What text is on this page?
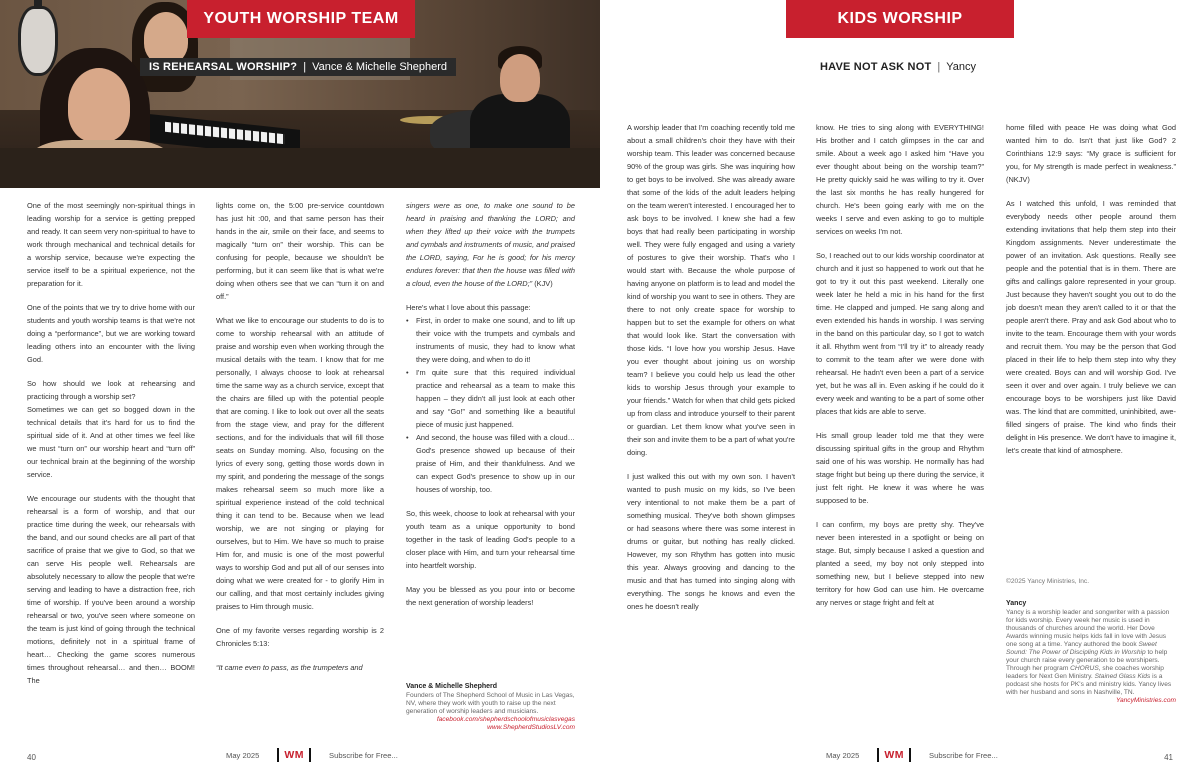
YOUTH WORSHIP TEAM
IS REHEARSAL WORSHIP? | Vance & Michelle Shepherd

One of the most seemingly non-spiritual things in leading worship for a service is getting prepped and ready. It can seem very non-spiritual to have to work through mechanical and technical details for a worship service, because we're expecting the service itself to be a spiritual experience, not the preparation for it.

One of the points that we try to drive home with our students and youth worship teams is that we're not doing a “performance”, but we are working toward leading others into an encounter with the living God.

So how should we look at rehearsing and practicing through a worship set?

Sometimes we can get so bogged down in the technical details that it's hard for us to find the spiritual side of it. And at other times we feel like we must “turn on” our worship heart and “turn off” our technical brain at the beginning of the worship service.

We encourage our students with the thought that rehearsal is a form of worship, and that our practice time during the week, our rehearsals with the band, and our sound checks are all part of that sacrifice of praise that we give to God, so that we can serve His people well. Rehearsals are absolutely necessary to allow the people that we're serving and leading to have a distraction free, rich time of worship. If you've been around a worship rehearsal or two, you've seen where someone on the team is just kind of going through the technical motions, definitely not in a spiritual frame of heart… Checking the game scores numerous times throughout rehearsal… and then… BOOM! The

lights come on, the 5:00 pre-service countdown has just hit :00, and that same person has their hands in the air, smile on their face, and seems to magically “turn on” their worship. This can be confusing for people, because we shouldn't be performing, but it can seem like that is what we're doing when others see that we can “turn it on and off.”

What we like to encourage our students to do is to come to worship rehearsal with an attitude of praise and worship even when working through the musical details with the team. I know that for me personally, I always choose to look at rehearsal time the same way as a church service, except that the chairs are filled up with the potential people that are coming. I like to look out over all the seats from the stage view, and pray for the different sections, and for the individuals that will fill those seats on Sunday morning. Also, focusing on the lyrics of every song, getting those words down in my spirit, and pondering the message of the songs makes rehearsal seem so much more like a spiritual experience instead of the cold technical thing it can tend to be. Because when we lead worship, we are not singing or playing for ourselves, but to Him. We have so much to praise Him for, and music is one of the most powerful ways to worship God and put all of our senses into doing what we were created for - to glorify Him in our calling, and that most certainly includes giving praises to Him through music.

One of my favorite verses regarding worship is 2 Chronicles 5:13:

“It came even to pass, as the trumpeters and

singers were as one, to make one sound to be heard in praising and thanking the LORD; and when they lifted up their voice with the trumpets and cymbals and instruments of music, and praised the LORD, saying, For he is good; for his mercy endures forever: that then the house was filled with a cloud, even the house of the LORD;” (KJV)

Here's what I love about this passage:

• First, in order to make one sound, and to lift up their voice with the trumpets and cymbals and instruments of music, they had to know what they were doing, and when to do it!
• I'm quite sure that this required individual practice and rehearsal as a team to make this happen – they didn't all just look at each other and say “Go!” and something like a beautiful piece of music just happened.
• And second, the house was filled with a cloud… God's presence showed up because of their praise of Him, and their thankfulness. And we can expect God's presence to show up in our houses of worship, too.

So, this week, choose to look at rehearsal with your youth team as a unique opportunity to bond together in the task of leading God's people to a closer place with Him, and turn your rehearsal time into heartfelt worship.

May you be blessed as you pour into or become the next generation of worship leaders!

Vance & Michelle Shepherd
Founders of The Shepherd School of Music in Las Vegas, NV, where they work with youth to raise up the next generation of worship leaders and musicians.
facebook.com/shepherdschoolofmusiclasvegas
www.ShepherdStudiosLV.com
40	May 2025	WM	Subscribe for Free...
KIDS WORSHIP
HAVE NOT ASK NOT | Yancy

A worship leader that I'm coaching recently told me about a small children's choir they have with their worship team. This leader was concerned because 90% of the group was girls. She was inquiring how to get boys to be involved. She was already aware that some of the kids of the adult leaders helping on the team weren't interested. I encouraged her to ask boys to be involved. I knew she had a few boys that had really been participating in worship well. They were fully engaged and using a variety of postures to give their worship. That's who I would start with. Because the whole purpose of having anyone on platform is to lead and model the kind of worship you want to see in others. They are there to not only create space for worship to happen but to set the example for others on what that would look like. Start the conversation with those kids. “I love how you worship Jesus. Have you ever thought about joining us on worship team? I believe you could help us lead the other kids to worship Jesus through your example to your friends.” Watch for when that child gets picked up from class and introduce yourself to their parent or guardian. Let them know what you've seen in their son and invite them to be a part of what you're doing.

I just walked this out with my own son. I haven't wanted to push music on my kids, so I've been very intentional to not make them be a part of something musical. They've both shown glimpses or had seasons where there was some interest in drums or guitar, but nothing has really clicked. However, my son Rhythm has gotten into music this year. Always grooving and dancing to the music and that has turned into singing along with everything. The songs he knows and even the ones he doesn't really

know. He tries to sing along with EVERYTHING! His brother and I catch glimpses in the car and smile. About a week ago I asked him “Have you ever thought about being on the worship team?” He pretty quickly said he was willing to try it. Over the last six months he has really hungered for church. He's been going early with me on the weeks I serve and even asking to go to multiple services on weeks I'm not.

So, I reached out to our kids worship coordinator at church and it just so happened to work out that he got to try it out this past weekend. Literally one week later he held a mic in his hand for the first time. He clapped and jumped. He sang along and even extended his hands in worship. I was serving in the band on this particular day, so I got to watch it all. Rhythm went from “I'll try it” to already ready to commit to the team after we were done with rehearsal. He hadn't even been a part of a service yet, but he was all in. Even asking if he could do it every week and wanting to be a part of some other places that kids are able to serve.

His small group leader told me that they were discussing spiritual gifts in the group and Rhythm said one of his was worship. He normally has had stage fright but being up there during the service, it just felt right. He knew it was where he was supposed to be.

I can confirm, my boys are pretty shy. They've never been interested in a spotlight or being on stage. But, simply because I asked a question and planted a seed, my boy not only stepped into something new, but I believe stepped into new territory for how God can use him. He overcame any nerves or stage fright and felt at

home filled with peace He was doing what God wanted him to do. Isn't that just like God? 2 Corinthians 12:9 says: “My grace is sufficient for you, for My strength is made perfect in weakness.” (NKJV)

As I watched this unfold, I was reminded that everybody needs other people around them extending invitations that help them step into their Kingdom assignments. Never underestimate the power of an invitation. Ask questions. Really see people and the potential that is in them. There are gifts and callings galore represented in your group. Just because they haven't sought you out to do the job doesn't mean they aren't called to it or that the people aren't there. Pray and ask God about who to invite to the team. Encourage them with your words and recruit them. You may be the person that God placed in their life to help them step into why they were created. Boys can and will worship God. I've seen it over and over again. I truly believe we can encourage boys to be worshipers just like David was. The kind that are committed, uninhibited, awe-filled singers of praise. The kind who finds their delight in His presence. We don't have to imagine it, let's create that kind of atmosphere.

©2025 Yancy Ministries, Inc.
Yancy
Yancy is a worship leader and songwriter with a passion for kids worship. Every week her music is used in thousands of churches around the world. Her Dove Awards winning music helps kids fall in love with Jesus one song at a time. Yancy authored the book Sweet Sound: The Power of Discipling Kids in Worship to help your church raise every generation to be worshipers. Through her program CHORUS, she coaches worship leaders for Next Gen Ministry. Stained Glass Kids is a podcast she hosts for PK's and ministry kids. Yancy lives with her husband and sons in Nashville, TN.
YancyMinistries.com
May 2025	WM	Subscribe for Free...	41
